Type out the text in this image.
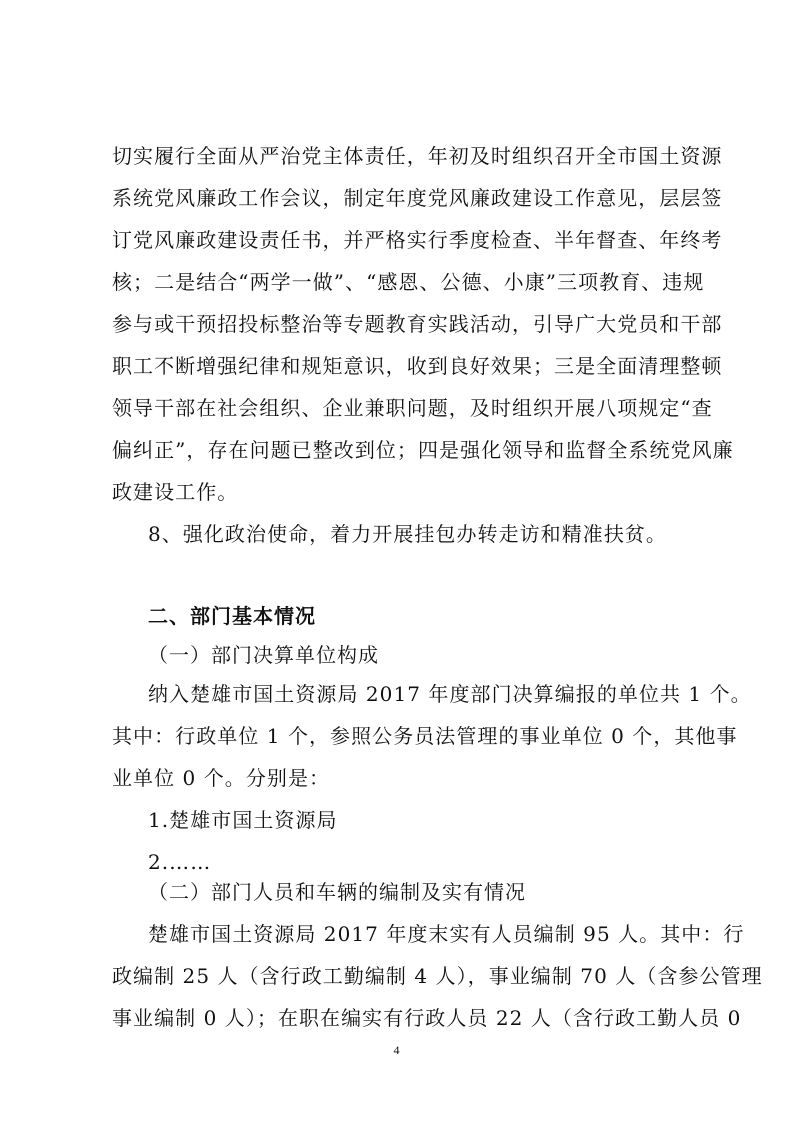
切实履行全面从严治党主体责任，年初及时组织召开全市国土资源
系统党风廉政工作会议，制定年度党风廉政建设工作意见，层层签
订党风廉政建设责任书，并严格实行季度检查、半年督查、年终考
核；二是结合“两学一做”、“感恩、公德、小康”三项教育、违规
参与或干预招投标整治等专题教育实践活动，引导广大党员和干部
职工不断增强纪律和规矩意识，收到良好效果；三是全面清理整顿
领导干部在社会组织、企业兼职问题，及时组织开展八项规定“查
偏纠正”，存在问题已整改到位；四是强化领导和监督全系统党风廉
政建设工作。
8、强化政治使命，着力开展挂包办转走访和精准扶贫。
二、部门基本情况
（一）部门决算单位构成
纳入楚雄市国土资源局 2017 年度部门决算编报的单位共 1 个。
其中：行政单位 1 个，参照公务员法管理的事业单位 0 个，其他事
业单位 0 个。分别是：
1.楚雄市国土资源局
2.……
（二）部门人员和车辆的编制及实有情况
楚雄市国土资源局 2017 年度末实有人员编制 95 人。其中：行
政编制 25 人（含行政工勤编制 4 人），事业编制 70 人（含参公管理
事业编制 0 人）；在职在编实有行政人员 22 人（含行政工勤人员 0
4
